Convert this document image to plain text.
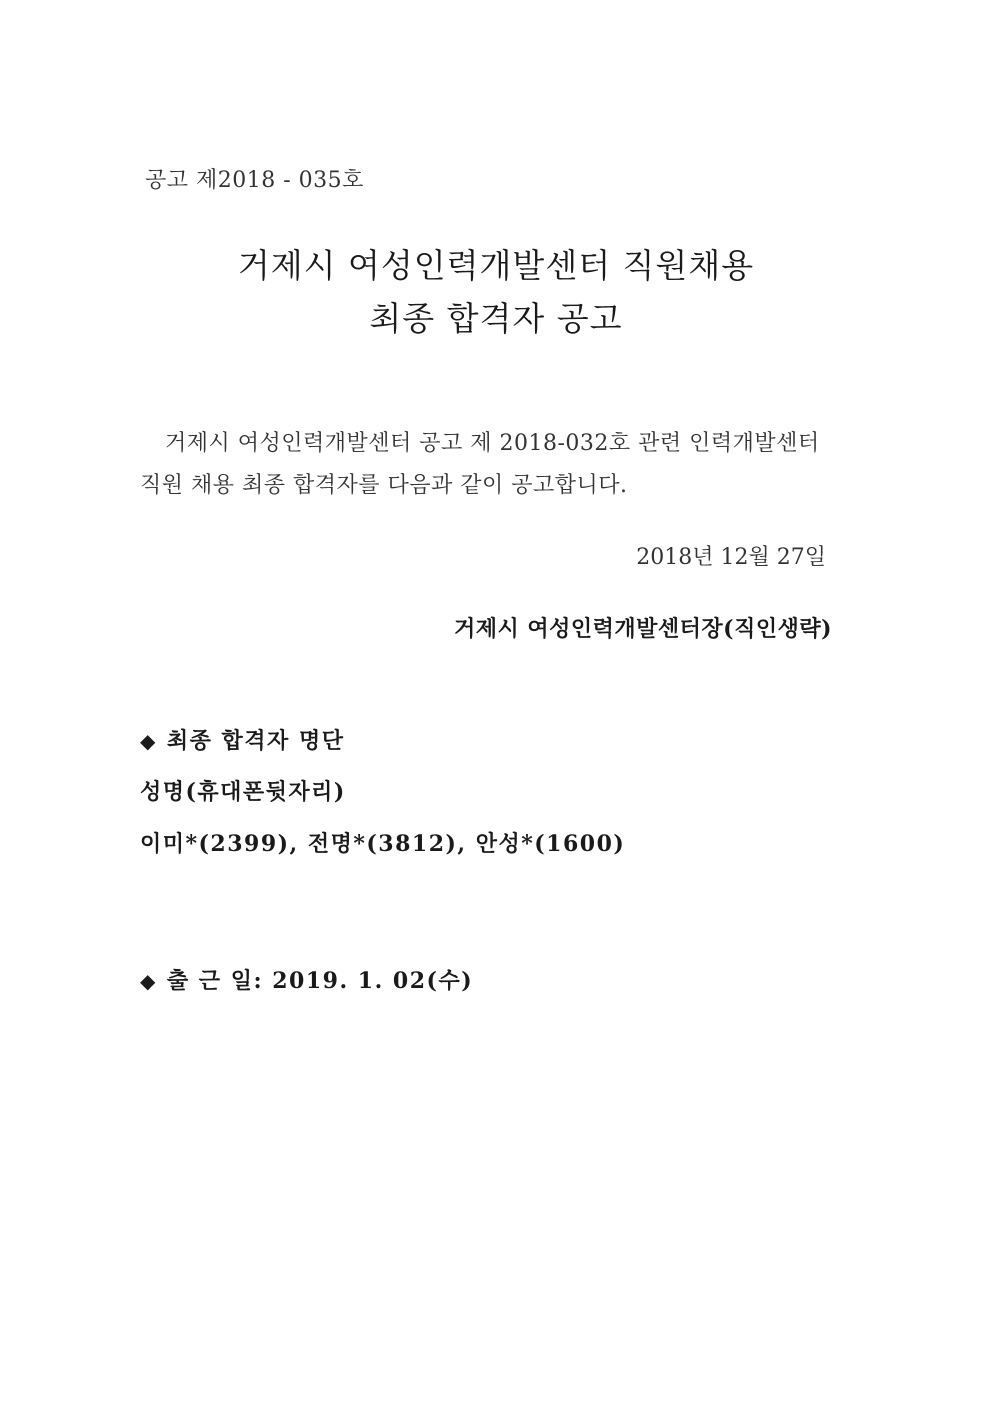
공고 제2018 - 035호
거제시 여성인력개발센터 직원채용
최종 합격자 공고
거제시 여성인력개발센터 공고 제 2018-032호 관련 인력개발센터
직원 채용 최종 합격자를 다음과 같이 공고합니다.
2018년 12월 27일
거제시 여성인력개발센터장(직인생략)
◆ 최종 합격자 명단
성명(휴대폰뒷자리)
이미*(2399), 전명*(3812), 안성*(1600)
◆ 출 근 일: 2019. 1. 02(수)
